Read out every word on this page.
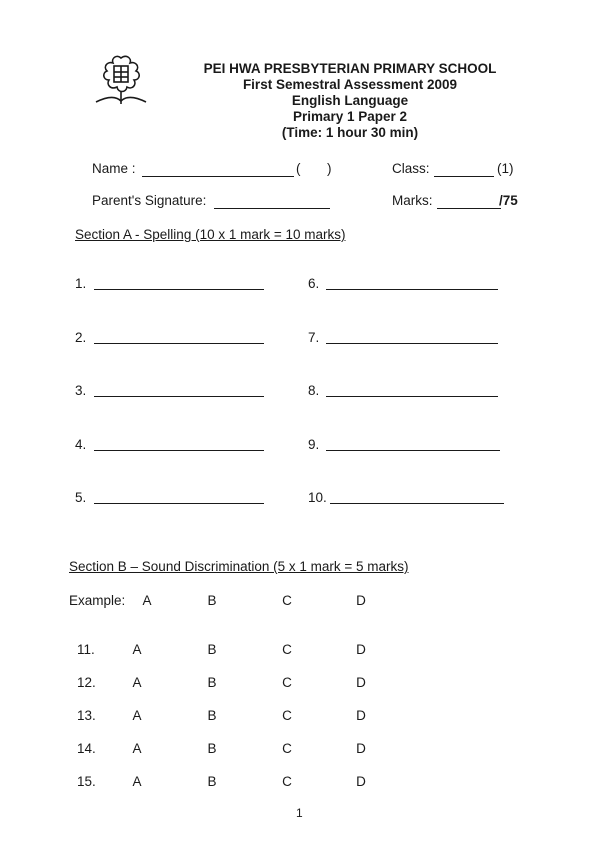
PEI HWA PRESBYTERIAN PRIMARY SCHOOL
First Semestral Assessment 2009
English Language
Primary 1 Paper 2
(Time: 1 hour 30 min)
Name :	( )	Class:	(1)
Parent's Signature:	Marks:	/75
Section A - Spelling (10 x 1 mark = 10 marks)
1.	6.
2.	7.
3.	8.
4.	9.
5.	10.
Section B – Sound Discrimination (5 x 1 mark = 5 marks)
Example:	A	B	C	D
11.	A	B	C	D
12.	A	B	C	D
13.	A	B	C	D
14.	A	B	C	D
15.	A	B	C	D
1
